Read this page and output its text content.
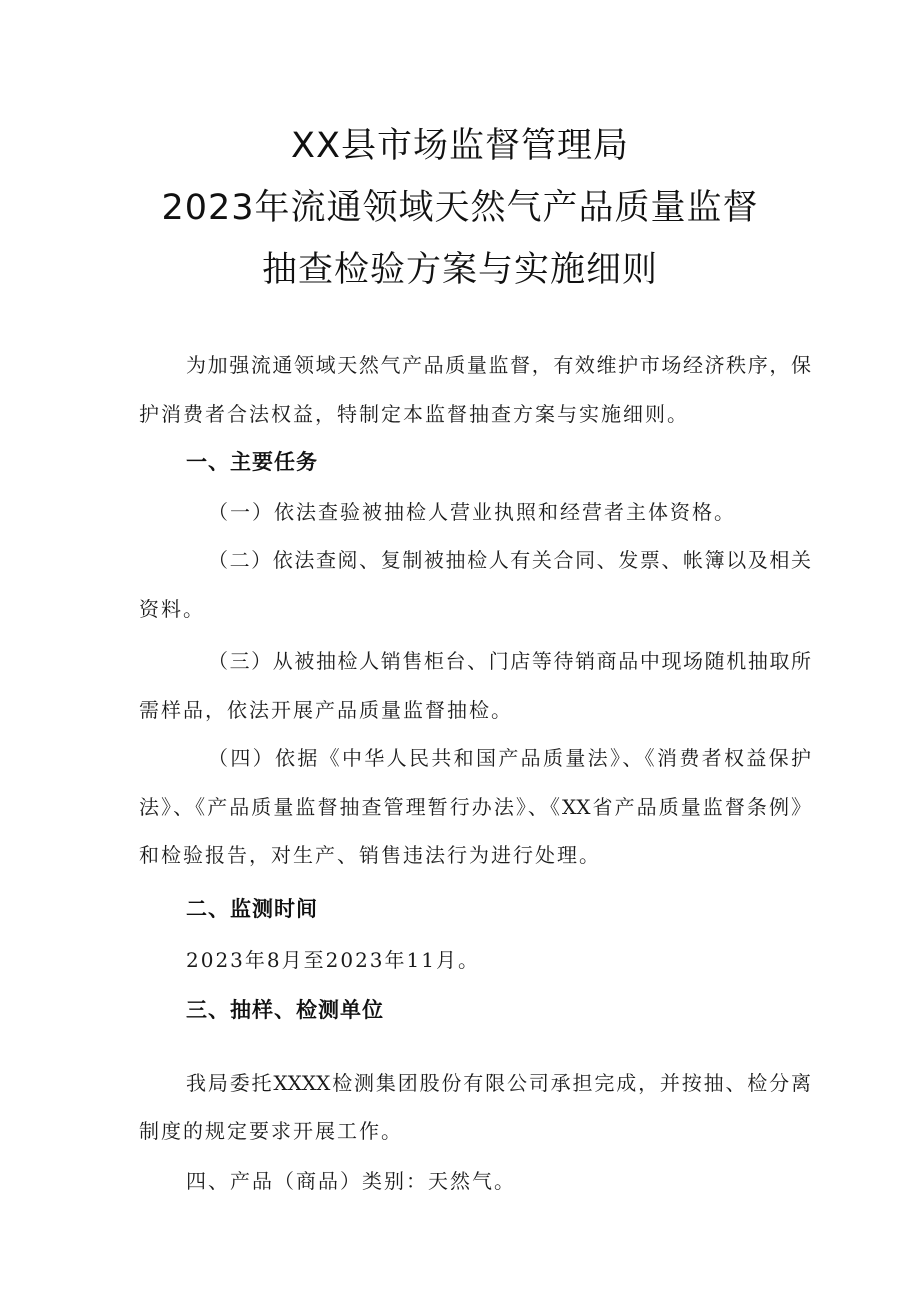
XX县市场监督管理局
2023年流通领域天然气产品质量监督
抽查检验方案与实施细则
为加强流通领域天然气产品质量监督，有效维护市场经济秩序，保
护消费者合法权益，特制定本监督抽查方案与实施细则。
一、主要任务
（一）依法查验被抽检人营业执照和经营者主体资格。
（二）依法查阅、复制被抽检人有关合同、发票、帐簿以及相关
资料。
（三）从被抽检人销售柜台、门店等待销商品中现场随机抽取所
需样品，依法开展产品质量监督抽检。
（四）依据《中华人民共和国产品质量法》、《消费者权益保护
法》、《产品质量监督抽查管理暂行办法》、《XX省产品质量监督条例》
和检验报告，对生产、销售违法行为进行处理。
二、监测时间
2023年8月至2023年11月。
三、抽样、检测单位
我局委托XXXX检测集团股份有限公司承担完成，并按抽、检分离
制度的规定要求开展工作。
四、产品（商品）类别：天然气。
